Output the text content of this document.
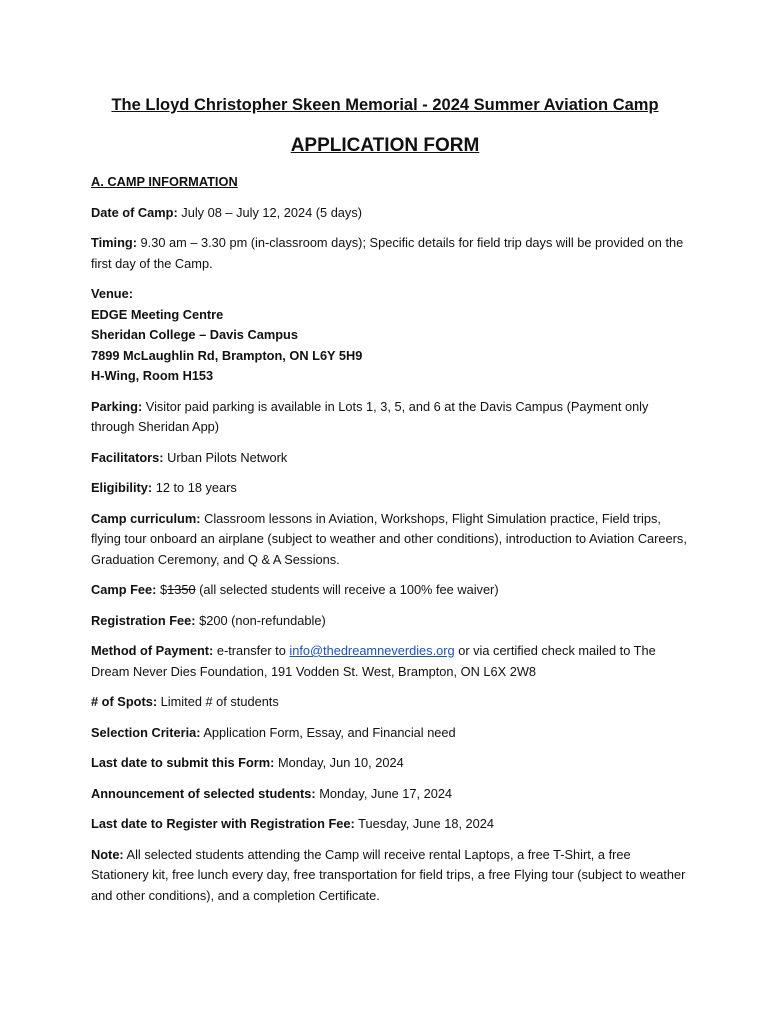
The Lloyd Christopher Skeen Memorial - 2024 Summer Aviation Camp
APPLICATION FORM
A. CAMP INFORMATION
Date of Camp: July 08 – July 12, 2024 (5 days)
Timing: 9.30 am – 3.30 pm (in-classroom days); Specific details for field trip days will be provided on the first day of the Camp.
Venue:
EDGE Meeting Centre
Sheridan College – Davis Campus
7899 McLaughlin Rd, Brampton, ON L6Y 5H9
H-Wing, Room H153
Parking: Visitor paid parking is available in Lots 1, 3, 5, and 6 at the Davis Campus (Payment only through Sheridan App)
Facilitators: Urban Pilots Network
Eligibility: 12 to 18 years
Camp curriculum: Classroom lessons in Aviation, Workshops, Flight Simulation practice, Field trips, flying tour onboard an airplane (subject to weather and other conditions), introduction to Aviation Careers, Graduation Ceremony, and Q & A Sessions.
Camp Fee: $1350 (all selected students will receive a 100% fee waiver)
Registration Fee: $200 (non-refundable)
Method of Payment: e-transfer to info@thedreamneverdies.org or via certified check mailed to The Dream Never Dies Foundation, 191 Vodden St. West, Brampton, ON L6X 2W8
# of Spots: Limited # of students
Selection Criteria: Application Form, Essay, and Financial need
Last date to submit this Form: Monday, Jun 10, 2024
Announcement of selected students: Monday, June 17, 2024
Last date to Register with Registration Fee: Tuesday, June 18, 2024
Note: All selected students attending the Camp will receive rental Laptops, a free T-Shirt, a free Stationery kit, free lunch every day, free transportation for field trips, a free Flying tour (subject to weather and other conditions), and a completion Certificate.
